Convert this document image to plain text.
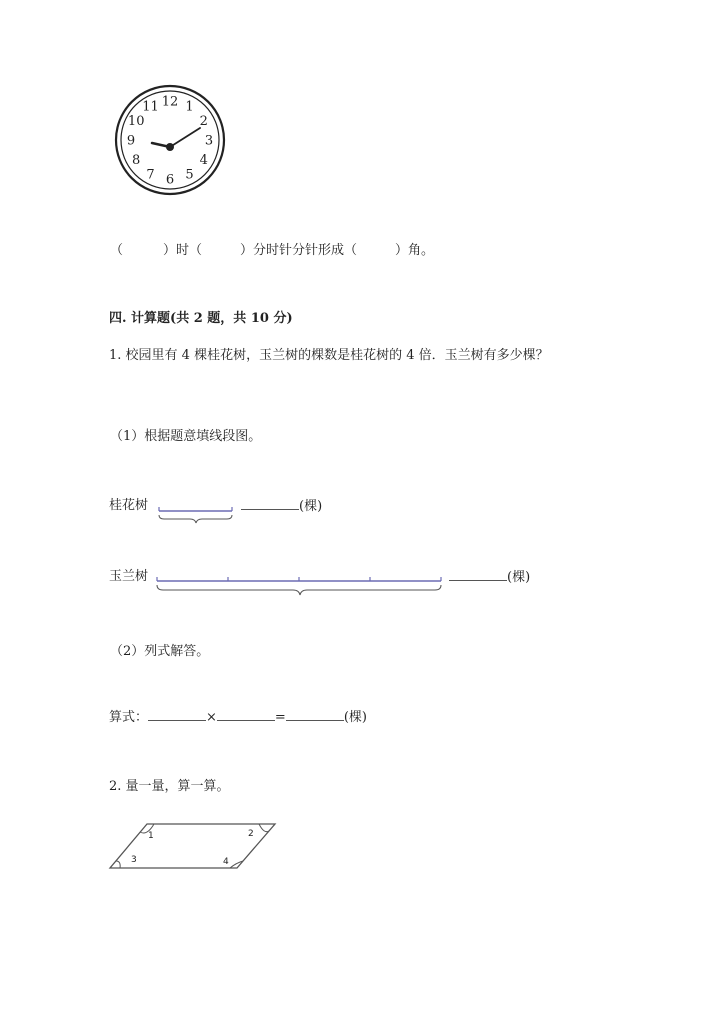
12 1
2
3
4
5
6
7
8
9
10
11
（	）时（	）分时针分针形成（	）角。
四. 计算题(共 2 题，共 10 分)
1. 校园里有 4 棵桂花树，玉兰树的棵数是桂花树的 4 倍．玉兰树有多少棵？
（1）根据题意填线段图。
桂花树	(棵)
玉兰树	(棵)
（2）列式解答。
算式：	×	=	(棵)
2. 量一量，算一算。
1	2
3	4
